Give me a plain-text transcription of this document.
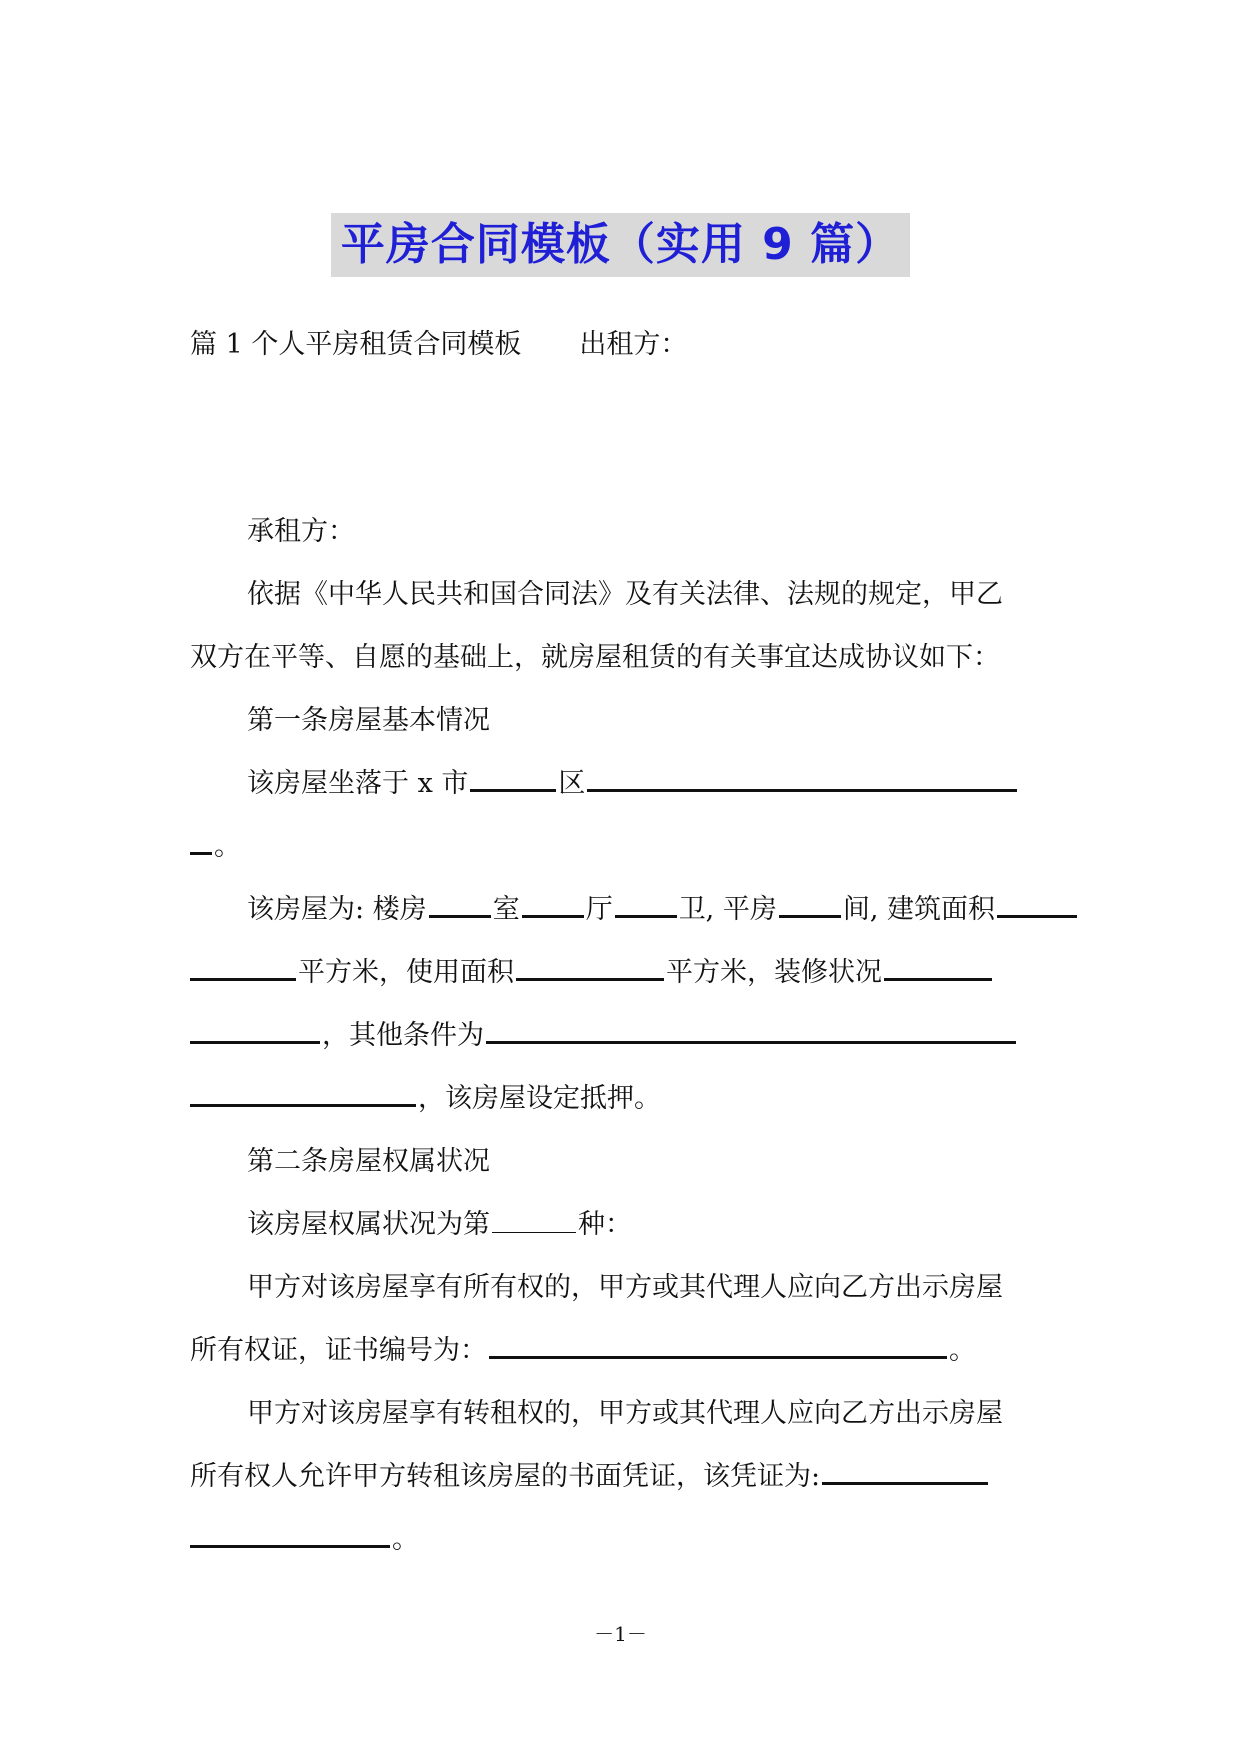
平房合同模板（实用 9 篇）
篇 1 个人平房租赁合同模板 出租方：
承租方：
依据《中华人民共和国合同法》及有关法律、法规的规定，甲乙
双方在平等、自愿的基础上，就房屋租赁的有关事宜达成协议如下：
第一条房屋基本情况
该房屋坐落于 x 市	区
。
该房屋为: 楼房 室 厅 卫, 平房 间, 建筑面积
平方米，使用面积	平方米，装修状况
，其他条件为
，该房屋设定抵押。
第二条房屋权属状况
该房屋权属状况为第	种：
甲方对该房屋享有所有权的，甲方或其代理人应向乙方出示房屋
所有权证，证书编号为：	。
甲方对该房屋享有转租权的，甲方或其代理人应向乙方出示房屋
所有权人允许甲方转租该房屋的书面凭证，该凭证为:
。
－1－
